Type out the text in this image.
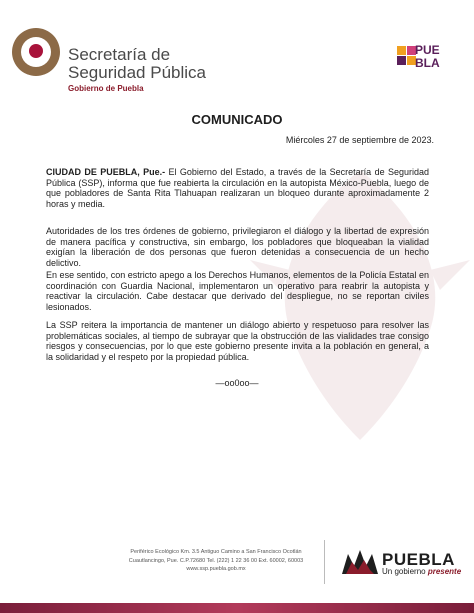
Secretaría de
Seguridad Pública
Gobierno de Puebla
PUE
BLA
COMUNICADO
Miércoles 27 de septiembre de 2023.
CIUDAD DE PUEBLA, Pue.- El Gobierno del Estado, a través de la Secretaría de Seguridad Pública (SSP), informa que fue reabierta la circulación en la autopista México-Puebla, luego de que pobladores de Santa Rita Tlahuapan realizaran un bloqueo durante aproximadamente 2 horas y media.
Autoridades de los tres órdenes de gobierno, privilegiaron el diálogo y la libertad de expresión de manera pacífica y constructiva, sin embargo, los pobladores que bloqueaban la vialidad exigían la liberación de dos personas que fueron detenidas a consecuencia de un hecho delictivo.
En ese sentido, con estricto apego a los Derechos Humanos, elementos de la Policía Estatal en coordinación con Guardia Nacional, implementaron un operativo para reabrir la autopista y reactivar la circulación. Cabe destacar que derivado del despliegue, no se reportan civiles lesionados.
La SSP reitera la importancia de mantener un diálogo abierto y respetuoso para resolver las problemáticas sociales, al tiempo de subrayar que la obstrucción de las vialidades trae consigo riesgos y consecuencias, por lo que este gobierno presente invita a la población en general, a la solidaridad y el respeto por la propiedad pública.
—oo0oo—
Periférico Ecológico Km. 3.5 Antiguo Camino a San Francisco Ocotlán
Cuautlancingo, Pue. C.P.72680 Tel. (222) 1 22 36 00 Ext. 60002, 60003
www.ssp.puebla.gob.mx	PUEBLA
Un gobierno presente
